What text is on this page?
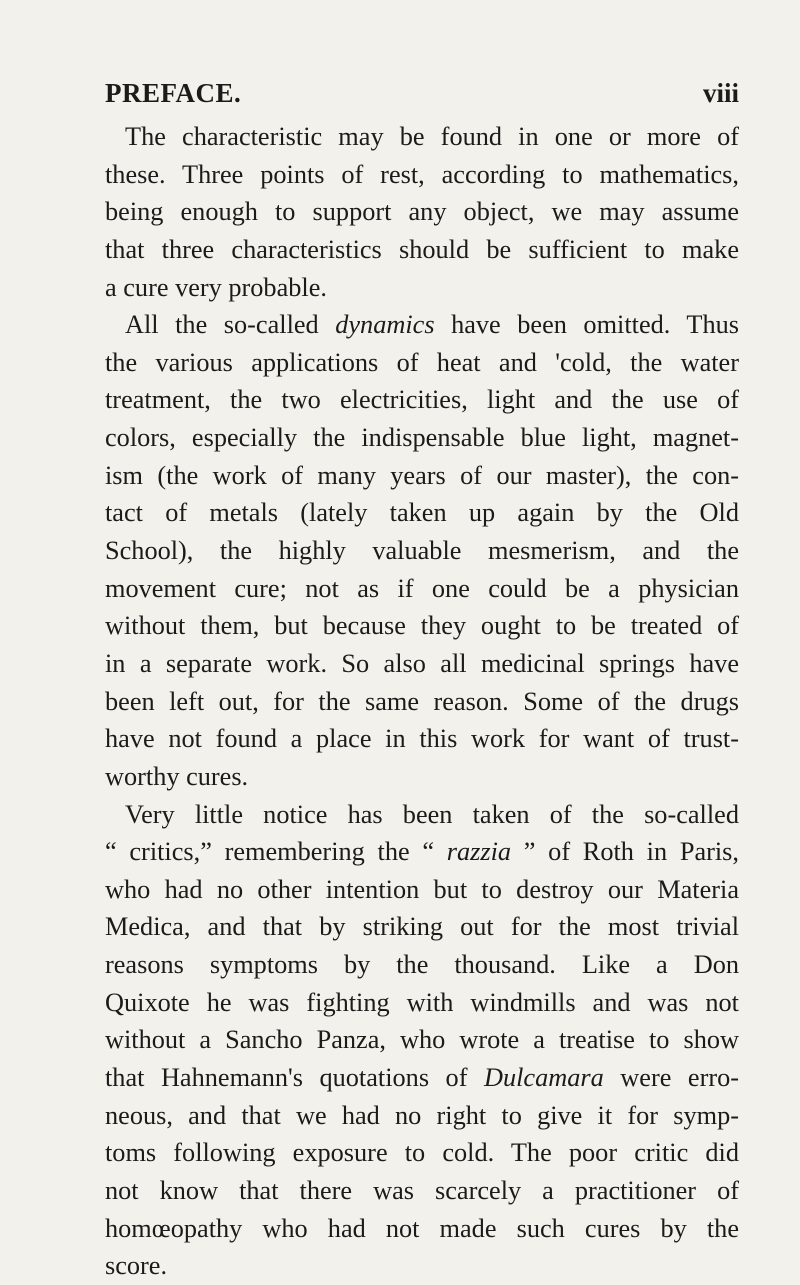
PREFACE.	viii
The characteristic may be found in one or more of
these. Three points of rest, according to mathematics,
being enough to support any object, we may assume
that three characteristics should be sufficient to make
a cure very probable.
All the so-called dynamics have been omitted. Thus
the various applications of heat and 'cold, the water
treatment, the two electricities, light and the use of
colors, especially the indispensable blue light, magnet-
ism (the work of many years of our master), the con-
tact of metals (lately taken up again by the Old
School), the highly valuable mesmerism, and the
movement cure; not as if one could be a physician
without them, but because they ought to be treated of
in a separate work. So also all medicinal springs have
been left out, for the same reason. Some of the drugs
have not found a place in this work for want of trust-
worthy cures.
Very little notice has been taken of the so-called
“ critics,” remembering the “ razzia ” of Roth in Paris,
who had no other intention but to destroy our Materia
Medica, and that by striking out for the most trivial
reasons symptoms by the thousand. Like a Don
Quixote he was fighting with windmills and was not
without a Sancho Panza, who wrote a treatise to show
that Hahnemann's quotations of Dulcamara were erro-
neous, and that we had no right to give it for symp-
toms following exposure to cold. The poor critic did
not know that there was scarcely a practitioner of
homœopathy who had not made such cures by the
score.
